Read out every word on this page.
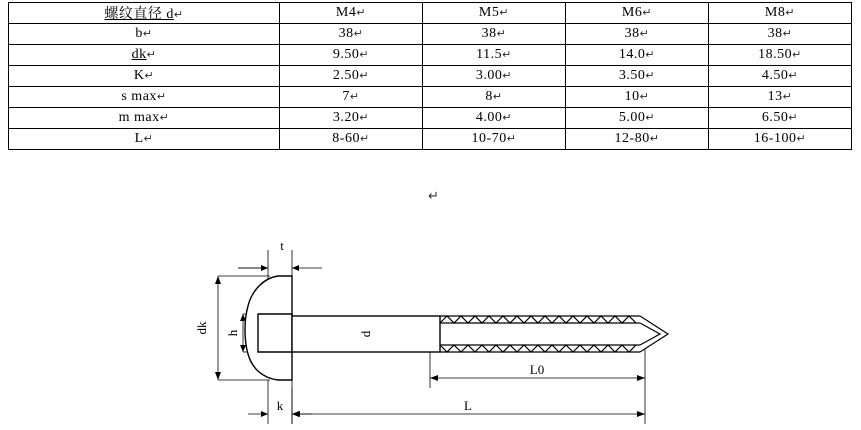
螺纹直径 d↵	M4↵	M5↵	M6↵	M8↵
b↵	38↵	38↵	38↵	38↵
dk↵	9.50↵	11.5↵	14.0↵	18.50↵
K↵	2.50↵	3.00↵	3.50↵	4.50↵
s max↵	7↵	8↵	10↵	13↵
m max↵	3.20↵	4.00↵	5.00↵	6.50↵
L↵	8-60↵	10-70↵	12-80↵	16-100↵
↵
t
dk h	d
k
L0
L
